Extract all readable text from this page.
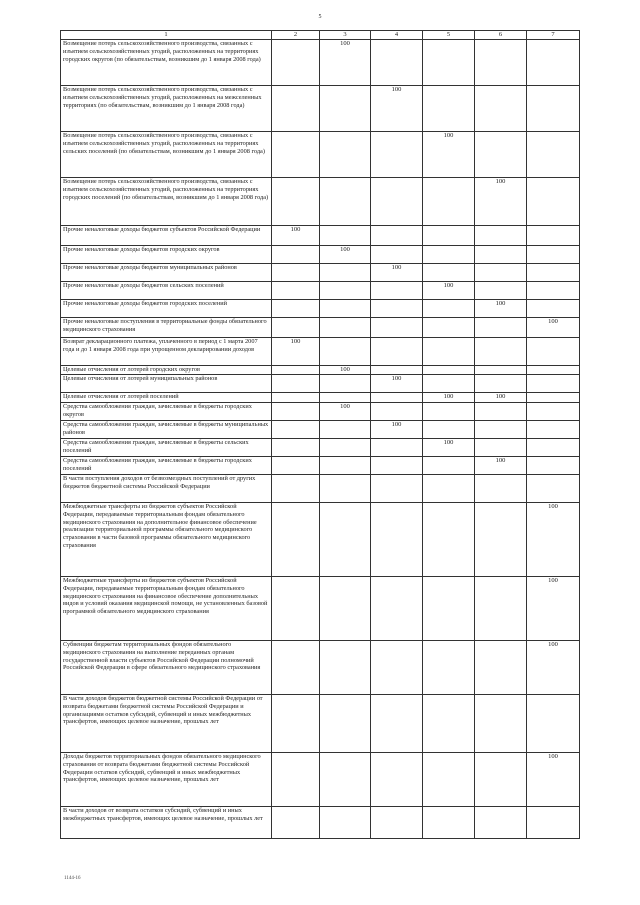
5
1	2	3	4	5	6	7
Возмещение потерь сельскохозяйственного производства, связанных с изъятием сельскохозяйственных угодий, расположенных на территориях городских округов (по обязательствам, возникшим до 1 января 2008 года)		100				
Возмещение потерь сельскохозяйственного производства, связанных с изъятием сельскохозяйственных угодий, расположенных на межселенных территориях (по обязательствам, возникшим до 1 января 2008 года)			100			
Возмещение потерь сельскохозяйственного производства, связанных с изъятием сельскохозяйственных угодий, расположенных на территориях сельских поселений (по обязательствам, возникшим до 1 января 2008 года)				100		
Возмещение потерь сельскохозяйственного производства, связанных с изъятием сельскохозяйственных угодий, расположенных на территориях городских поселений (по обязательствам, возникшим до 1 января 2008 года)					100	
Прочие неналоговые доходы бюджетов субъектов Российской Федерации	100					
Прочие неналоговые доходы бюджетов городских округов		100				
Прочие неналоговые доходы бюджетов муниципальных районов			100			
Прочие неналоговые доходы бюджетов сельских поселений				100		
Прочие неналоговые доходы бюджетов городских поселений					100	
Прочие неналоговые поступления в территориальные фонды обязательного медицинского страхования						100
Возврат декларационного платежа, уплаченного в период с 1 марта 2007 года и до 1 января 2008 года при упрощенном декларировании доходов	100					
Целевые отчисления от лотерей городских округов		100				
Целевые отчисления от лотерей муниципальных районов			100			
Целевые отчисления от лотерей поселений				100	100	
Средства самообложения граждан, зачисляемые в бюджеты городских округов		100				
Средства самообложения граждан, зачисляемые в бюджеты муниципальных районов			100			
Средства самообложения граждан, зачисляемые в бюджеты сельских поселений				100		
Средства самообложения граждан, зачисляемые в бюджеты городских поселений					100	
В части поступления доходов от безвозмездных поступлений от других бюджетов бюджетной системы Российской Федерации						
Межбюджетные трансферты из бюджетов субъектов Российской Федерации, передаваемые территориальным фондам обязательного медицинского страхования на дополнительное финансовое обеспечение реализации территориальной программы обязательного медицинского страхования в части базовой программы обязательного медицинского страхования						100
Межбюджетные трансферты из бюджетов субъектов Российской Федерации, передаваемые территориальным фондам обязательного медицинского страхования на финансовое обеспечение дополнительных видов и условий оказания медицинской помощи, не установленных базовой программой обязательного медицинского страхования						100
Субвенции бюджетам территориальных фондов обязательного медицинского страхования на выполнение переданных органам государственной власти субъектов Российской Федерации полномочий Российской Федерации в сфере обязательного медицинского страхования						100
В части доходов бюджетов бюджетной системы Российской Федерации от возврата бюджетами бюджетной системы Российской Федерации и организациями остатков субсидий, субвенций и иных межбюджетных трансфертов, имеющих целевое назначение, прошлых лет						
Доходы бюджетов территориальных фондов обязательного медицинского страхования от возврата бюджетами бюджетной системы Российской Федерации остатков субсидий, субвенций и иных межбюджетных трансфертов, имеющих целевое назначение, прошлых лет						100
В части доходов от возврата остатков субсидий, субвенций и иных межбюджетных трансфертов, имеющих целевое назначение, прошлых лет						
1144-16
